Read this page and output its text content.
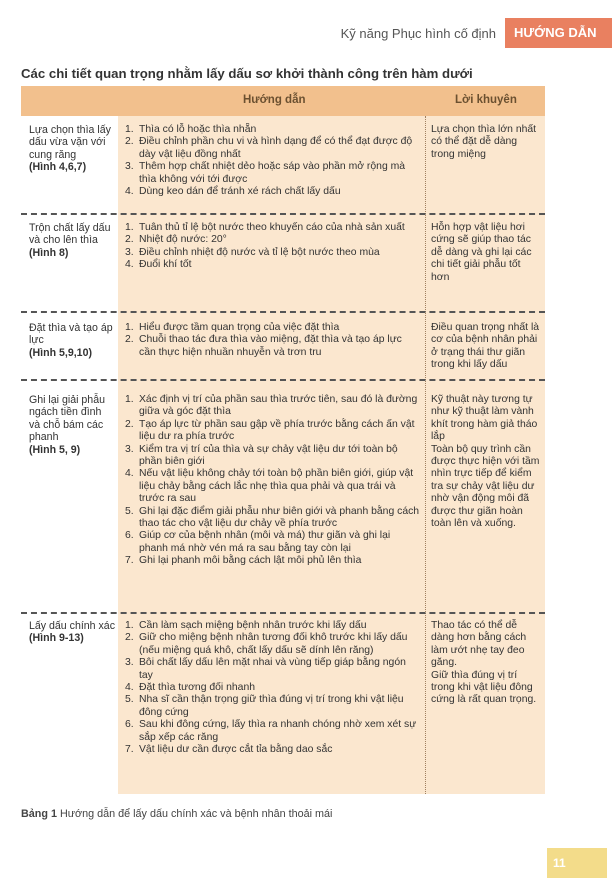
Kỹ năng Phục hình cố định	HƯỚNG DẪN
Các chi tiết quan trọng nhằm lấy dấu sơ khởi thành công trên hàm dưới
Hướng dẫn	Lời khuyên
Lựa chọn thìa lấy dấu vừa vặn với cung răng
(Hình 4,6,7)
1. Thìa có lỗ hoặc thìa nhẵn
2. Điều chỉnh phần chu vi và hình dạng để có thể đạt được độ dày vật liệu đồng nhất
3. Thêm hợp chất nhiệt dẻo hoặc sáp vào phần mở rộng mà thìa không với tới được
4. Dùng keo dán để tránh xé rách chất lấy dấu
Lựa chọn thìa lớn nhất có thể đặt dễ dàng trong miệng
Trộn chất lấy dấu và cho lên thìa
(Hình 8)
1. Tuân thủ tỉ lệ bột nước theo khuyến cáo của nhà sản xuất
2. Nhiệt độ nước: 20°
3. Điều chỉnh nhiệt độ nước và tỉ lệ bột nước theo mùa
4. Đuổi khí tốt
Hỗn hợp vật liệu hơi cứng sẽ giúp thao tác dễ dàng và ghi lại các chi tiết giải phẫu tốt hơn
Đặt thìa và tạo áp lực
(Hình 5,9,10)
1. Hiểu được tầm quan trọng của việc đặt thìa
2. Chuỗi thao tác đưa thìa vào miệng, đặt thìa và tạo áp lực cần thực hiện nhuần nhuyễn và trơn tru
Điều quan trọng nhất là cơ của bệnh nhân phải ở trạng thái thư giãn trong khi lấy dấu
Ghi lại giải phẫu ngách tiền đình và chỗ bám các phanh
(Hình 5, 9)
1. Xác định vị trí của phần sau thìa trước tiên, sau đó là đường giữa và góc đặt thìa
2. Tạo áp lực từ phần sau gập về phía trước bằng cách ấn vật liệu dư ra phía trước
3. Kiểm tra vị trí của thìa và sự chảy vật liệu dư tới toàn bộ phần biên giới
4. Nếu vật liệu không chảy tới toàn bộ phần biên giới, giúp vật liệu chảy bằng cách lắc nhẹ thìa qua phải và qua trái và trước ra sau
5. Ghi lại đặc điểm giải phẫu như biên giới và phanh bằng cách thao tác cho vật liệu dư chảy về phía trước
6. Giúp cơ của bệnh nhân (môi và má) thư giãn và ghi lại phanh má nhờ vén má ra sau bằng tay còn lại
7. Ghi lại phanh môi bằng cách lật môi phủ lên thìa
Kỹ thuật này tương tự như kỹ thuật làm vành khít trong hàm giả tháo lắp
Toàn bộ quy trình cần được thực hiện với tầm nhìn trực tiếp để kiểm tra sự chảy vật liệu dư nhờ vận động môi đã được thư giãn hoàn toàn lên và xuống.
Lấy dấu chính xác
(Hình 9-13)
1. Cần làm sạch miệng bệnh nhân trước khi lấy dấu
2. Giữ cho miệng bệnh nhân tương đối khô trước khi lấy dấu (nếu miệng quá khô, chất lấy dấu sẽ dính lên răng)
3. Bôi chất lấy dấu lên mặt nhai và vùng tiếp giáp bằng ngón tay
4. Đặt thìa tương đối nhanh
5. Nha sĩ cần thận trọng giữ thìa đúng vị trí trong khi vật liệu đông cứng
6. Sau khi đông cứng, lấy thìa ra nhanh chóng nhờ xem xét sự sắp xếp các răng
7. Vật liệu dư cần được cắt tỉa bằng dao sắc
Thao tác có thể dễ dàng hơn bằng cách làm ướt nhẹ tay đeo găng.
Giữ thìa đúng vị trí trong khi vật liệu đông cứng là rất quan trọng.
Bảng 1 Hướng dẫn để lấy dấu chính xác và bệnh nhân thoải mái
11
